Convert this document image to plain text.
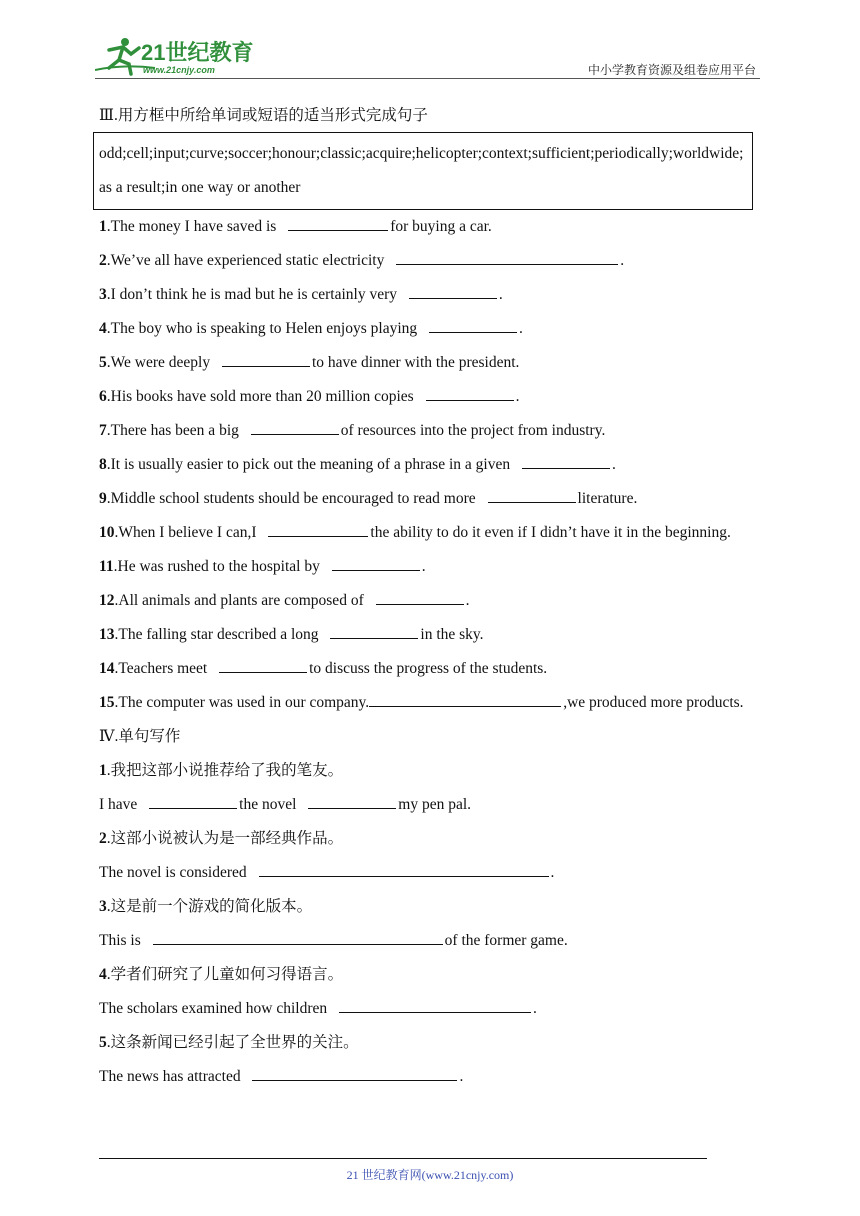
21世纪教育
www.21cnjy.com	中小学教育资源及组卷应用平台
Ⅲ.用方框中所给单词或短语的适当形式完成句子
odd;cell;input;curve;soccer;honour;classic;acquire;helicopter;context;sufficient;periodically;worldwide;as a result;in one way or another
1.The money I have saved is	for buying a car.
2.We’ve all have experienced static electricity	.
3.I don’t think he is mad but he is certainly very	.
4.The boy who is speaking to Helen enjoys playing	.
5.We were deeply	to have dinner with the president.
6.His books have sold more than 20 million copies	.
7.There has been a big	of resources into the project from industry.
8.It is usually easier to pick out the meaning of a phrase in a given	.
9.Middle school students should be encouraged to read more	literature.
10.When I believe I can,I	the ability to do it even if I didn’t have it in the beginning.
11.He was rushed to the hospital by	.
12.All animals and plants are composed of	.
13.The falling star described a long	in the sky.
14.Teachers meet	to discuss the progress of the students.
15.The computer was used in our company.	,we produced more products.
Ⅳ.单句写作
1.我把这部小说推荐给了我的笔友。
I have	the novel	my pen pal.
2.这部小说被认为是一部经典作品。
The novel is considered	.
3.这是前一个游戏的简化版本。
This is	of the former game.
4.学者们研究了儿童如何习得语言。
The scholars examined how children	.
5.这条新闻已经引起了全世界的关注。
The news has attracted	.
21 世纪教育网(www.21cnjy.com)
